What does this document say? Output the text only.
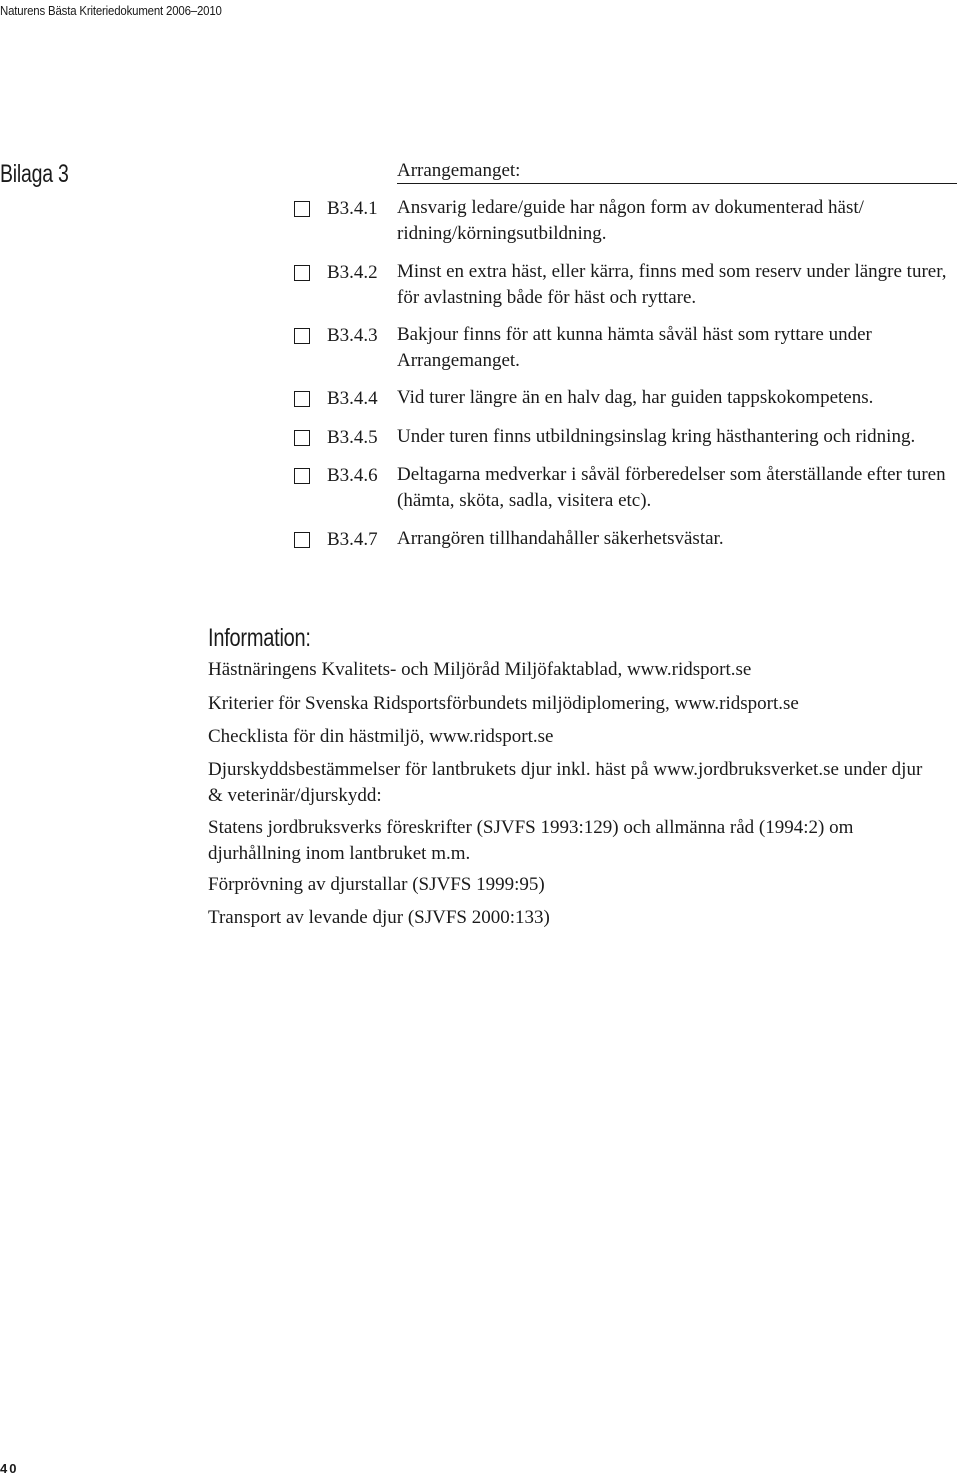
Naturens Bästa Kriteriedokument 2006–2010
Bilaga 3	Arrangemanget:
B3.4.1 Ansvarig ledare/guide har någon form av dokumenterad häst/ ridning/körningsutbildning.
B3.4.2 Minst en extra häst, eller kärra, finns med som reserv under längre turer, för avlastning både för häst och ryttare.
B3.4.3 Bakjour finns för att kunna hämta såväl häst som ryttare under Arrangemanget.
B3.4.4 Vid turer längre än en halv dag, har guiden tappskokompetens.
B3.4.5 Under turen finns utbildningsinslag kring hästhantering och ridning.
B3.4.6 Deltagarna medverkar i såväl förberedelser som återställande efter turen (hämta, sköta, sadla, visitera etc).
B3.4.7 Arrangören tillhandahåller säkerhetsvästar.
Information:
Hästnäringens Kvalitets- och Miljöråd Miljöfaktablad, www.ridsport.se
Kriterier för Svenska Ridsportsförbundets miljödiplomering, www.ridsport.se
Checklista för din hästmiljö, www.ridsport.se
Djurskyddsbestämmelser för lantbrukets djur inkl. häst på www.jordbruksverket.se under djur & veterinär/djurskydd:
Statens jordbruksverks föreskrifter (SJVFS 1993:129) och allmänna råd (1994:2) om djurhållning inom lantbruket m.m.
Förprövning av djurstallar (SJVFS 1999:95)
Transport av levande djur (SJVFS 2000:133)
40
